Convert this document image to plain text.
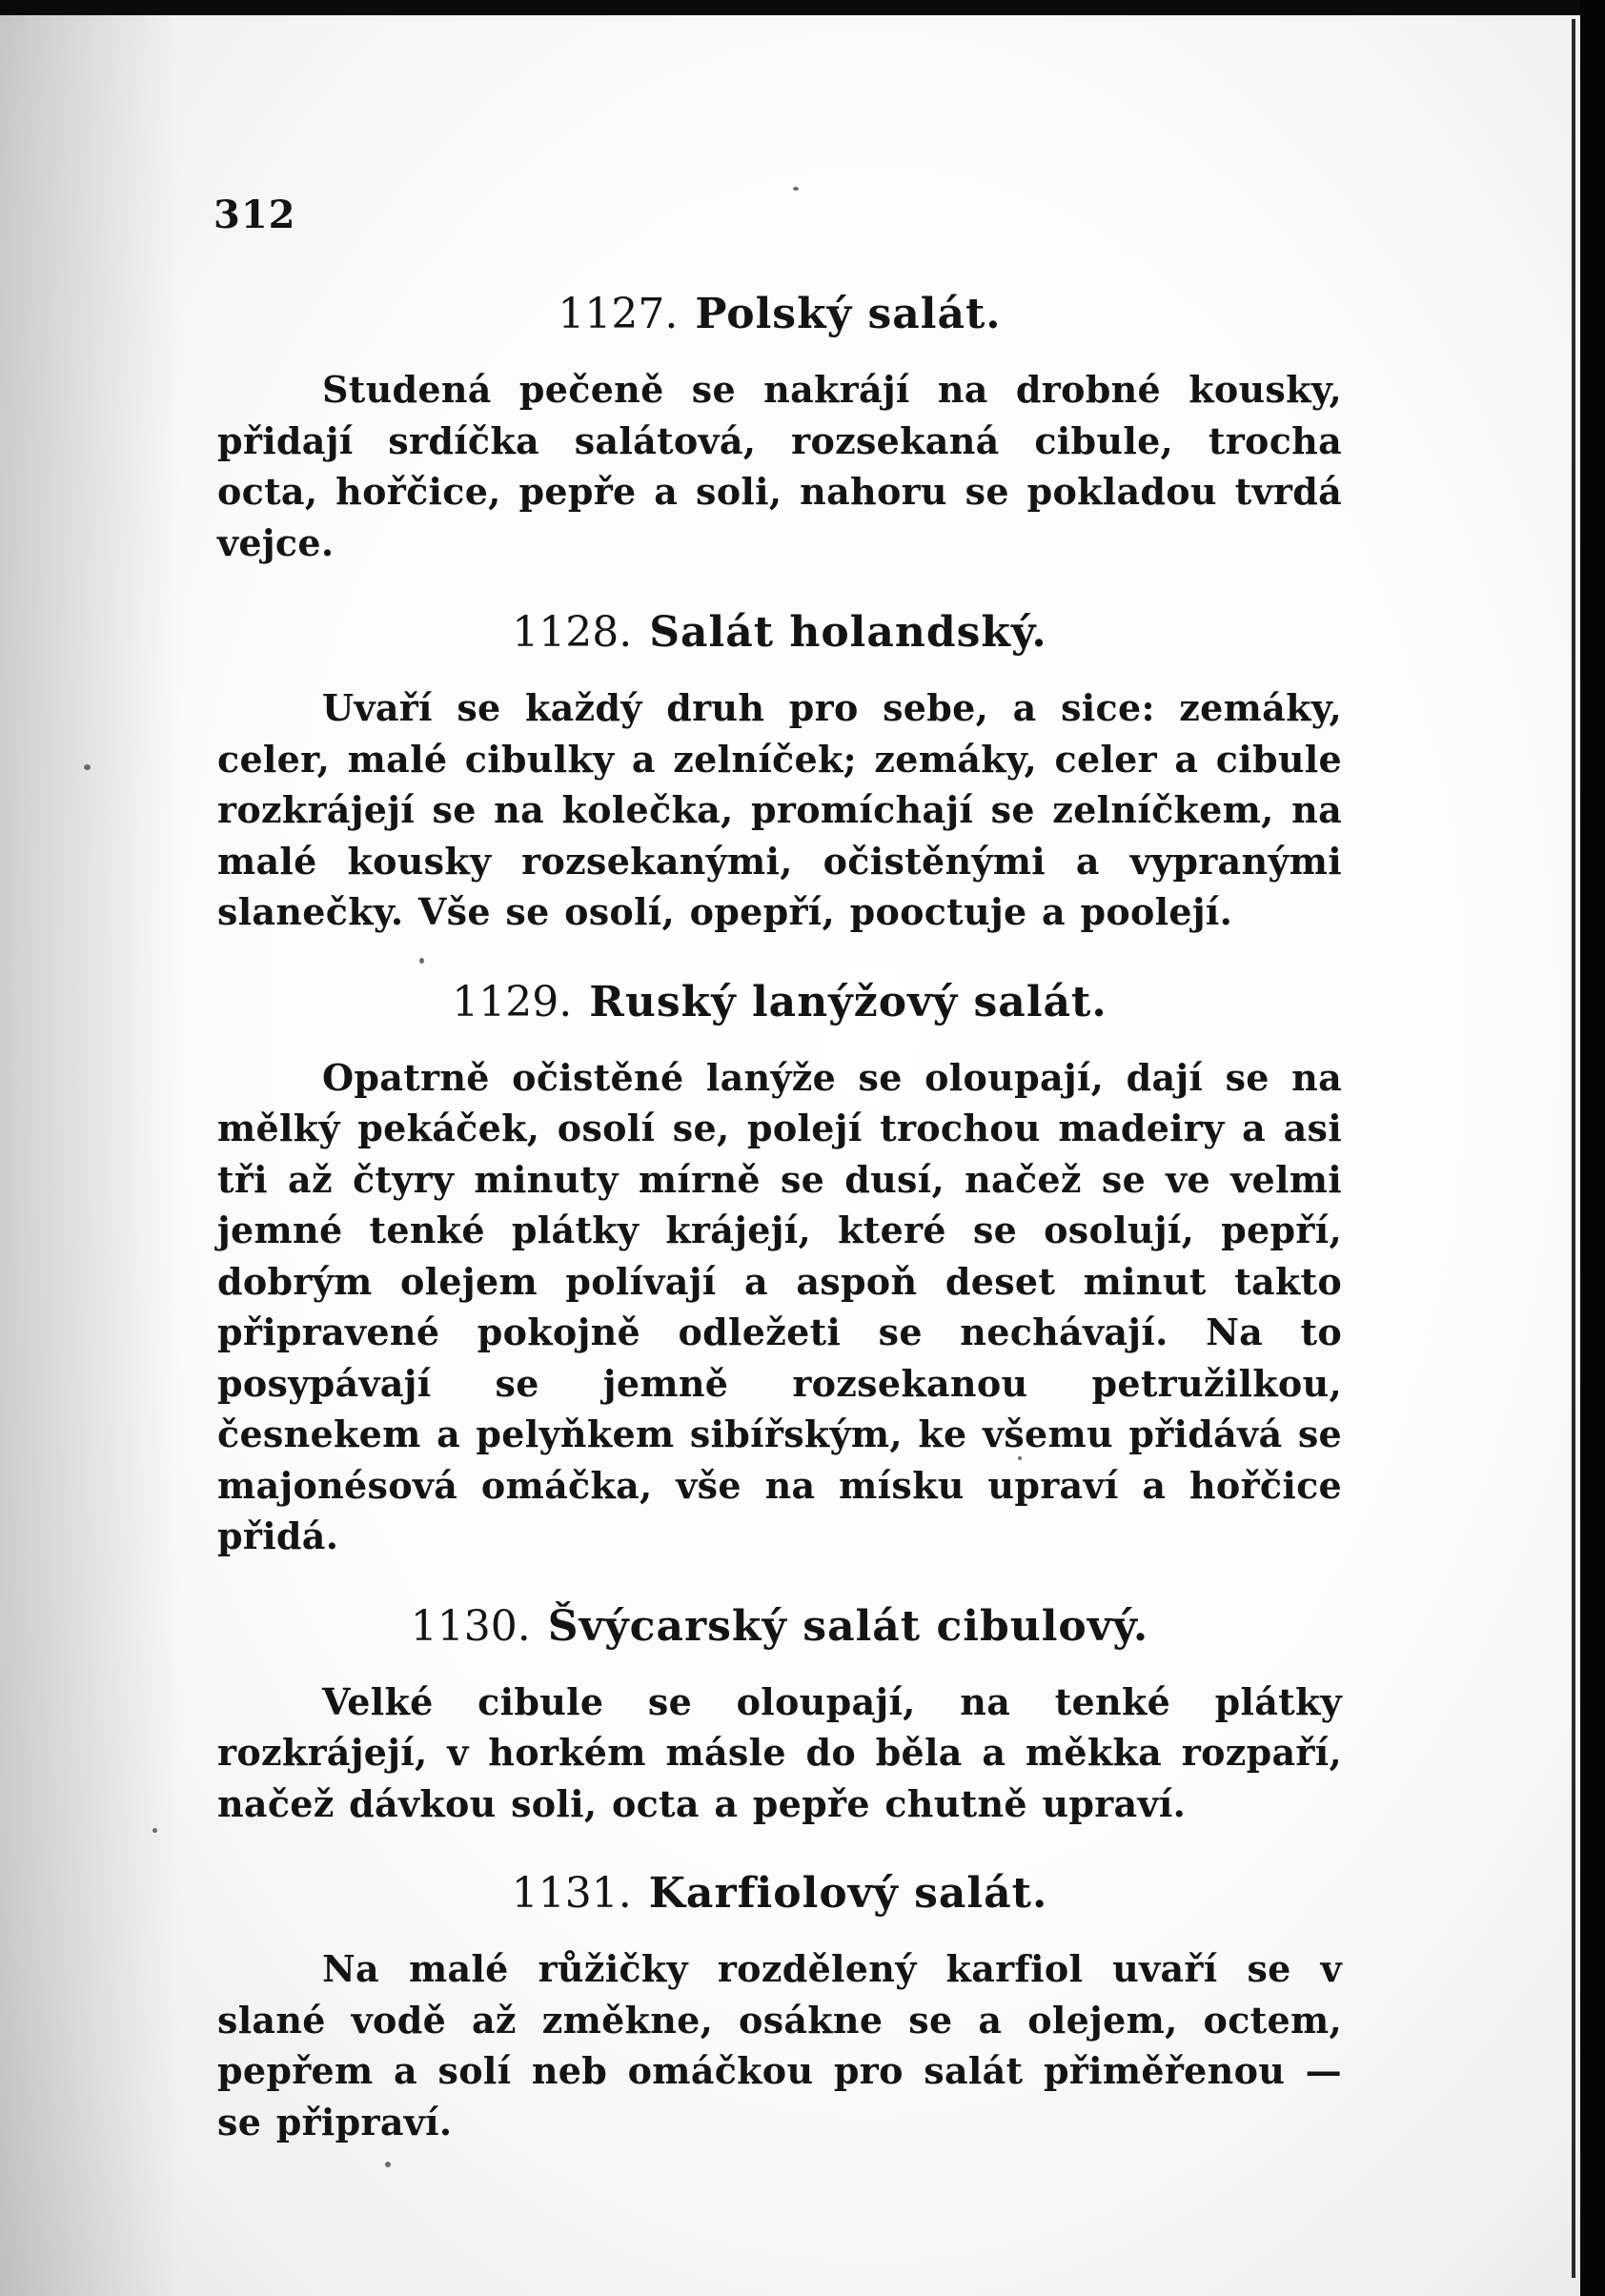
312
1127. Polský salát.

Studená pečeně se nakrájí na drobné kousky, přidají srdíčka salátová, rozsekaná cibule, trocha octa, hořčice, pepře a soli, nahoru se pokladou tvrdá vejce.

1128. Salát holandský.

Uvaří se každý druh pro sebe, a sice: zemáky, celer, malé cibulky a zelníček; zemáky, celer a cibule rozkrájejí se na kolečka, promíchají se zelníčkem, na malé kousky rozsekanými, očistěnými a vypranými slanečky. Vše se osolí, opepří, pooctuje a poolejí.

1129. Ruský lanýžový salát.

Opatrně očistěné lanýže se oloupají, dají se na mělký pekáček, osolí se, polejí trochou madeiry a asi tři až čtyry minuty mírně se dusí, načež se ve velmi jemné tenké plátky krájejí, které se osolují, pepří, dobrým olejem polívají a aspoň deset minut takto připravené pokojně odležeti se nechávají. Na to posypávají se jemně rozsekanou petružilkou, česnekem a pelyňkem sibířským, ke všemu přidává se majonésová omáčka, vše na mísku upraví a hořčice přidá.

1130. Švýcarský salát cibulový.

Velké cibule se oloupají, na tenké plátky rozkrájejí, v horkém másle do běla a měkka rozpaří, načež dávkou soli, octa a pepře chutně upraví.

1131. Karfiolový salát.

Na malé růžičky rozdělený karfiol uvaří se v slané vodě až změkne, osákne se a olejem, octem, pepřem a solí neb omáčkou pro salát přiměřenou — se připraví.
